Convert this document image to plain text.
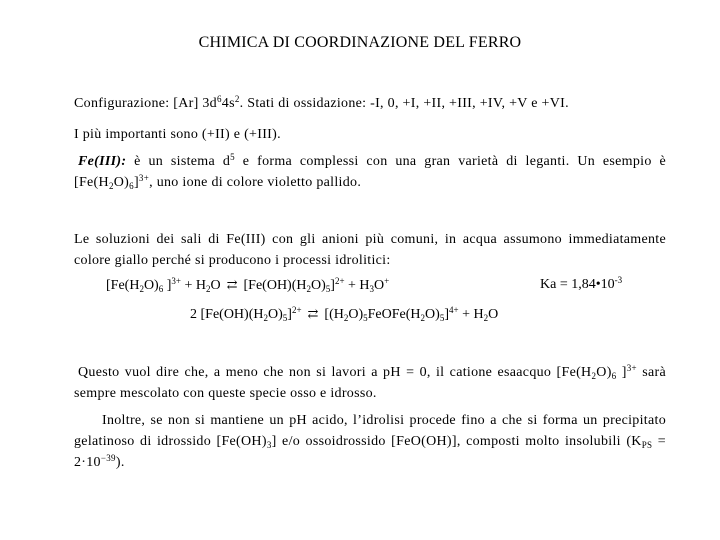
CHIMICA DI COORDINAZIONE DEL FERRO
Configurazione: [Ar] $3d^64s^2$. Stati di ossidazione: -I, 0, +I, +II, +III, +IV, +V e +VI.
I più importanti sono (+II) e (+III).
Fe(III): è un sistema $d^5$ e forma complessi con una gran varietà di leganti. Un esempio è $[Fe(H_2O)_6]^{3+}$, uno ione di colore violetto pallido.
Le soluzioni dei sali di Fe(III) con gli anioni più comuni, in acqua assumono immediatamente colore giallo perché si producono i processi idrolitici:
[$Fe(H_2O)_6$ ]$^{3+} + H_2O$ ⇄ $[Fe(OH)(H_2O)_5]^{2+} + H_3O^+$	$Ka = 1,84•10^{-3}$
2 $[Fe(OH)(H_2O)_5]^{2+}$ ⇄ $[(H_2O)_5FeOFe(H_2O)_5]^{4+} + H_2O$
Questo vuol dire che, a meno che non si lavori a pH = 0, il catione esaacquo [$Fe(H_2O)_6$ ]$^{3+}$ sarà sempre mescolato con queste specie osso e idrosso.
Inoltre, se non si mantiene un pH acido, l’idrolisi procede fino a che si forma un precipitato gelatinoso di idrossido $[Fe(OH)_3]$ e/o ossoidrossido [FeO(OH)], composti molto insolubili $(K_{PS} = 2\cdot 10^{-39})$.
